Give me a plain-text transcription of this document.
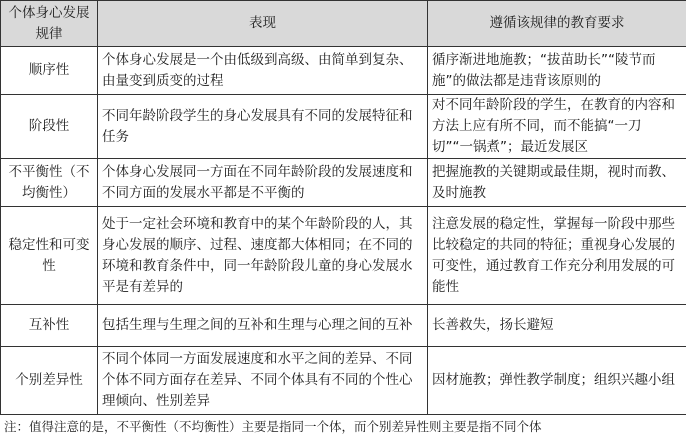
个体身心发展规律	表现	遵循该规律的教育要求
顺序性	个体身心发展是一个由低级到高级、由简单到复杂、由量变到质变的过程	循序渐进地施教；“拔苗助长”“陵节而施”的做法都是违背该原则的
阶段性	不同年龄阶段学生的身心发展具有不同的发展特征和任务	对不同年龄阶段的学生，在教育的内容和方法上应有所不同，而不能搞“一刀切”“一锅煮”；最近发展区
不平衡性（不均衡性）	个体身心发展同一方面在不同年龄阶段的发展速度和不同方面的发展水平都是不平衡的	把握施教的关键期或最佳期，视时而教、及时施教
稳定性和可变性	处于一定社会环境和教育中的某个年龄阶段的人，其身心发展的顺序、过程、速度都大体相同；在不同的环境和教育条件中，同一年龄阶段儿童的身心发展水平是有差异的	注意发展的稳定性，掌握每一阶段中那些比较稳定的共同的特征；重视身心发展的可变性，通过教育工作充分利用发展的可能性
互补性	包括生理与生理之间的互补和生理与心理之间的互补	长善救失，扬长避短
个别差异性	不同个体同一方面发展速度和水平之间的差异、不同个体不同方面存在差异、不同个体具有不同的个性心理倾向、性别差异	因材施教；弹性教学制度；组织兴趣小组
注：值得注意的是，不平衡性（不均衡性）主要是指同一个体，而个别差异性则主要是指不同个体
